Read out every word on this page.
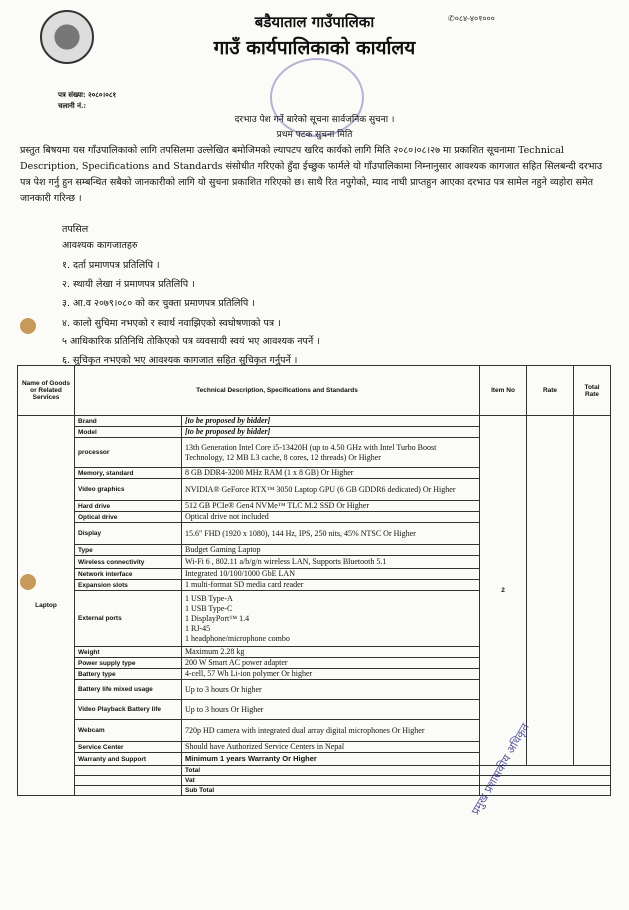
बडैयाताल गाउँपालिका
गाउँ कार्यपालिकाको कार्यालय
✆०८४-४०१०००
पत्र संख्या: २०८०।०८१
चलानी नं.:
दरभाउ पेश गर्ने बारेको सूचना सार्वजनिक सुचना ।
प्रथम पटक सुचना मिति
प्रस्तुत बिषयमा यस गाँउपालिकाको लागि तपसिलमा उल्लेखित बमोजिमको ल्यापटप खरिद कार्यको लागि मिति २०८०।०८।२७ मा प्रकाशित सूचनामा Technical Description, Specifications and Standards संसोधीत गरिएको हुँदा ईच्छुक फार्मले यो गाँउपालिकामा निम्नानुसार आवश्यक कागजात सहित सिलबन्दी दरभाउ पत्र पेश गर्नु हुन सम्बन्धित सबैको जानकारीको लागि यो सुचना प्रकाशित गरिएको छ। साथै रित नपुगेको, म्याद नाघी प्राप्तहुन आएका दरभाउ पत्र सामेल नहुने व्यहोरा समेत जानकारी गरिन्छ ।
तपसिल
आवश्यक कागजातहरु
१. दर्ता प्रमाणपत्र प्रतिलिपि ।
२. स्थायी लेखा नं प्रमाणपत्र प्रतिलिपि ।
३. आ.व २०७९।०८० को कर चुक्ता प्रमाणपत्र प्रतिलिपि ।
४. कालो सुचिमा नभएको र स्वार्थ नवाझिएको स्वघोषणाको पत्र ।
५ आधिकारिक प्रतिनिधि तोकिएको पत्र व्यवसायी स्वयं भए आवश्यक नपर्ने ।
६. सुचिकृत नभएको भए आवश्यक कागजात सहित सुचिकृत गर्नुपर्ने ।
Name of Goods or Related Services	Technical Description, Specifications and Standards		Item No	Rate	Total Rate
Laptop	Brand	[to be proposed by bidder]	2		
	Model	[to be proposed by bidder]			
	processor	13th Generation Intel Core i5-13420H (up to 4.50 GHz with Intel Turbo Boost Technology, 12 MB L3 cache, 8 cores, 12 threads) Or Higher			
	Memory, standard	8 GB DDR4-3200 MHz RAM (1 x 8 GB) Or Higher			
	Video graphics	NVIDIA® GeForce RTX™ 3050 Laptop GPU (6 GB GDDR6 dedicated) Or Higher			
	Hard drive	512 GB PCIe® Gen4 NVMe™ TLC M.2 SSD Or Higher			
	Optical drive	Optical drive not included			
	Display	15.6" FHD (1920 x 1080), 144 Hz, IPS, 250 nits, 45% NTSC Or Higher			
	Type	Budget Gaming Laptop			
	Wireless connectivity	Wi-Fi 6 , 802.11 a/b/g/n wireless LAN, Supports Bluetooth 5.1			
	Network interface	Integrated 10/100/1000 GbE LAN			
	Expansion slots	1 multi-format SD media card reader			
	External ports	1 USB Type-A
1 USB Type-C
1 DisplayPort™ 1.4
1 RJ-45
1 headphone/microphone combo			
	Weight	Maximum 2.28 kg			
	Power supply type	200 W Smart AC power adapter			
	Battery type	4-cell, 57 Wh Li-ion polymer Or higher			
	Battery life mixed usage	Up to 3 hours Or higher			
	Video Playback Battery life	Up to 3 hours Or Higher			
	Webcam	720p HD camera with integrated dual array digital microphones Or Higher			
	Service Center	Should have Authorized Service Centers in Nepal			
	Warranty and Support	Minimum 1 years Warranty Or Higher			
		Total			
		Vat			
		Sub Total				प्रमुख प्रशासकीय अधिकृत
